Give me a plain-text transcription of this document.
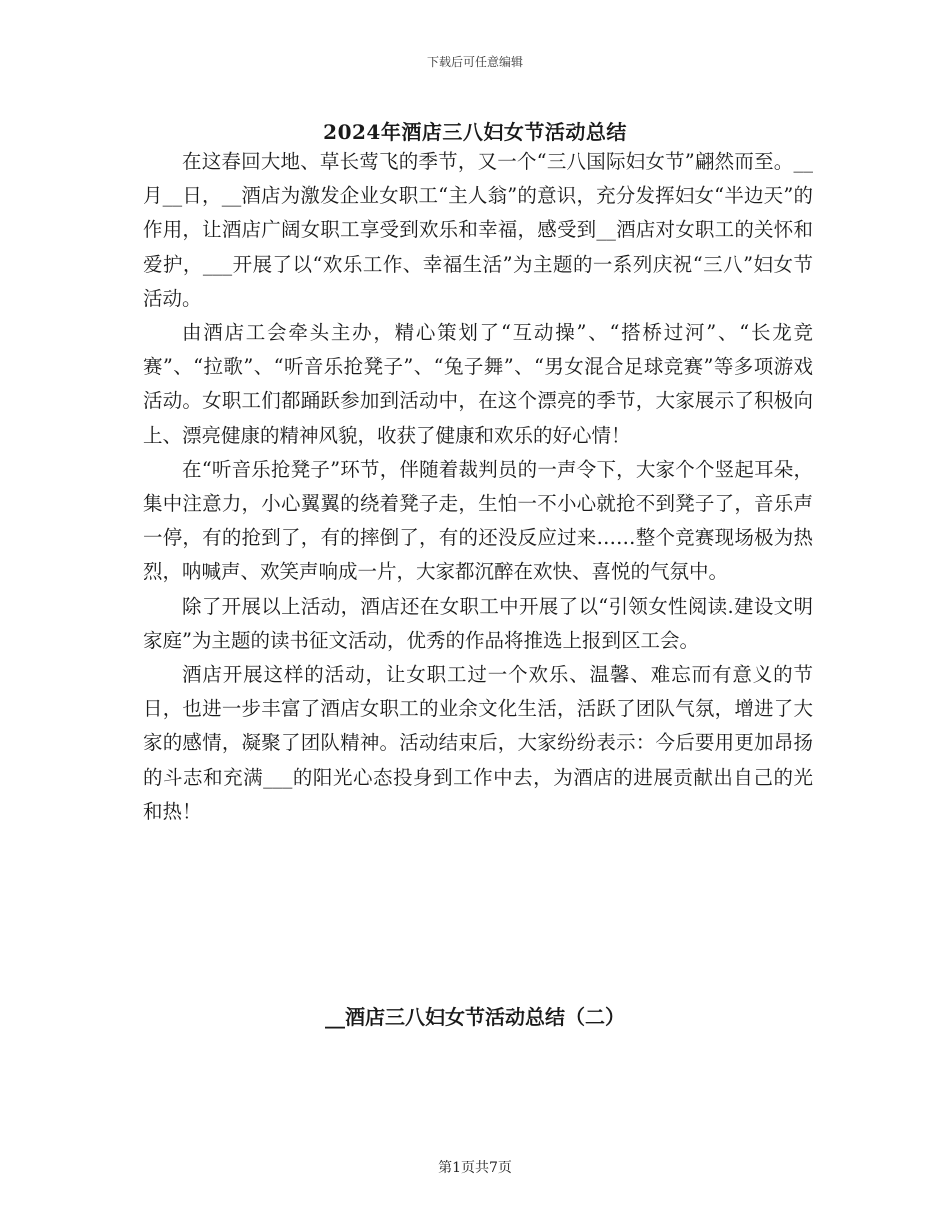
下载后可任意编辑
2024年酒店三八妇女节活动总结

在这春回大地、草长莺飞的季节，又一个“三八国际妇女节”翩然而至。__月__日，__酒店为激发企业女职工“主人翁”的意识，充分发挥妇女“半边天”的作用，让酒店广阔女职工享受到欢乐和幸福，感受到__酒店对女职工的关怀和爱护，___开展了以“欢乐工作、幸福生活”为主题的一系列庆祝“三八”妇女节活动。

由酒店工会牵头主办，精心策划了“互动操”、“搭桥过河”、“长龙竞赛”、“拉歌”、“听音乐抢凳子”、“兔子舞”、“男女混合足球竞赛”等多项游戏活动。女职工们都踊跃参加到活动中，在这个漂亮的季节，大家展示了积极向上、漂亮健康的精神风貌，收获了健康和欢乐的好心情！

在“听音乐抢凳子”环节，伴随着裁判员的一声令下，大家个个竖起耳朵，集中注意力，小心翼翼的绕着凳子走，生怕一不小心就抢不到凳子了，音乐声一停，有的抢到了，有的摔倒了，有的还没反应过来……整个竞赛现场极为热烈，呐喊声、欢笑声响成一片，大家都沉醉在欢快、喜悦的气氛中。

除了开展以上活动，酒店还在女职工中开展了以“引领女性阅读.建设文明家庭”为主题的读书征文活动，优秀的作品将推选上报到区工会。

酒店开展这样的活动，让女职工过一个欢乐、温馨、难忘而有意义的节日，也进一步丰富了酒店女职工的业余文化生活，活跃了团队气氛，增进了大家的感情，凝聚了团队精神。活动结束后，大家纷纷表示：今后要用更加昂扬的斗志和充满___的阳光心态投身到工作中去，为酒店的进展贡献出自己的光和热！

__酒店三八妇女节活动总结（二）
第1页共7页
